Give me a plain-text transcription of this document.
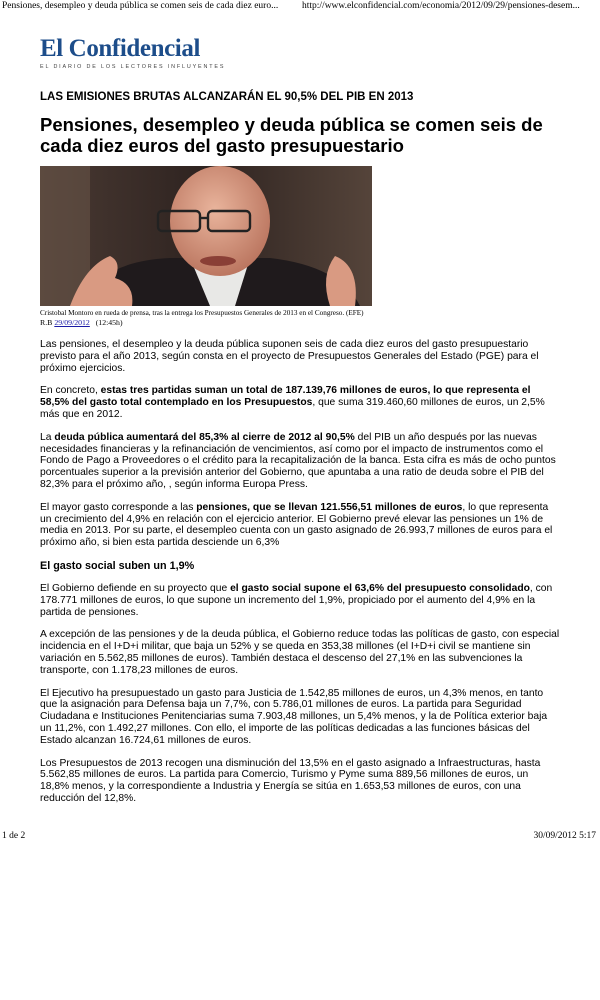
Pensiones, desempleo y deuda pública se comen seis de cada diez euro...	http://www.elconfidencial.com/economia/2012/09/29/pensiones-desem...
El Confidencial
EL DIARIO DE LOS LECTORES INFLUYENTES
LAS EMISIONES BRUTAS ALCANZARÁN EL 90,5% DEL PIB EN 2013
Pensiones, desempleo y deuda pública se comen seis de cada diez euros del gasto presupuestario
Cristobal Montoro en rueda de prensa, tras la entrega los Presupuestos Generales de 2013 en el Congreso. (EFE)
R.B 29/09/2012 (12:45h)

Las pensiones, el desempleo y la deuda pública suponen seis de cada diez euros del gasto presupuestario previsto para el año 2013, según consta en el proyecto de Presupuestos Generales del Estado (PGE) para el próximo ejercicios.

En concreto, estas tres partidas suman un total de 187.139,76 millones de euros, lo que representa el 58,5% del gasto total contemplado en los Presupuestos, que suma 319.460,60 millones de euros, un 2,5% más que en 2012.

La deuda pública aumentará del 85,3% al cierre de 2012 al 90,5% del PIB un año después por las nuevas necesidades financieras y la refinanciación de vencimientos, así como por el impacto de instrumentos como el Fondo de Pago a Proveedores o el crédito para la recapitalización de la banca. Esta cifra es más de ocho puntos porcentuales superior a la previsión anterior del Gobierno, que apuntaba a una ratio de deuda sobre el PIB del 82,3% para el próximo año, , según informa Europa Press.

El mayor gasto corresponde a las pensiones, que se llevan 121.556,51 millones de euros, lo que representa un crecimiento del 4,9% en relación con el ejercicio anterior. El Gobierno prevé elevar las pensiones un 1% de media en 2013. Por su parte, el desempleo cuenta con un gasto asignado de 26.993,7 millones de euros para el próximo año, si bien esta partida desciende un 6,3%

El gasto social suben un 1,9%

El Gobierno defiende en su proyecto que el gasto social supone el 63,6% del presupuesto consolidado, con 178.771 millones de euros, lo que supone un incremento del 1,9%, propiciado por el aumento del 4,9% en la partida de pensiones.

A excepción de las pensiones y de la deuda pública, el Gobierno reduce todas las políticas de gasto, con especial incidencia en el I+D+i militar, que baja un 52% y se queda en 353,38 millones (el I+D+i civil se mantiene sin variación en 5.562,85 millones de euros). También destaca el descenso del 27,1% en las subvenciones la transporte, con 1.178,23 millones de euros.

El Ejecutivo ha presupuestado un gasto para Justicia de 1.542,85 millones de euros, un 4,3% menos, en tanto que la asignación para Defensa baja un 7,7%, con 5.786,01 millones de euros. La partida para Seguridad Ciudadana e Instituciones Penitenciarias suma 7.903,48 millones, un 5,4% menos, y la de Política exterior baja un 11,2%, con 1.492,27 millones. Con ello, el importe de las políticas dedicadas a las funciones básicas del Estado alcanzan 16.724,61 millones de euros.

Los Presupuestos de 2013 recogen una disminución del 13,5% en el gasto asignado a Infraestructuras, hasta 5.562,85 millones de euros. La partida para Comercio, Turismo y Pyme suma 889,56 millones de euros, un 18,8% menos, y la correspondiente a Industria y Energía se sitúa en 1.653,53 millones de euros, con una reducción del 12,8%.

1 de 2	30/09/2012 5:17
